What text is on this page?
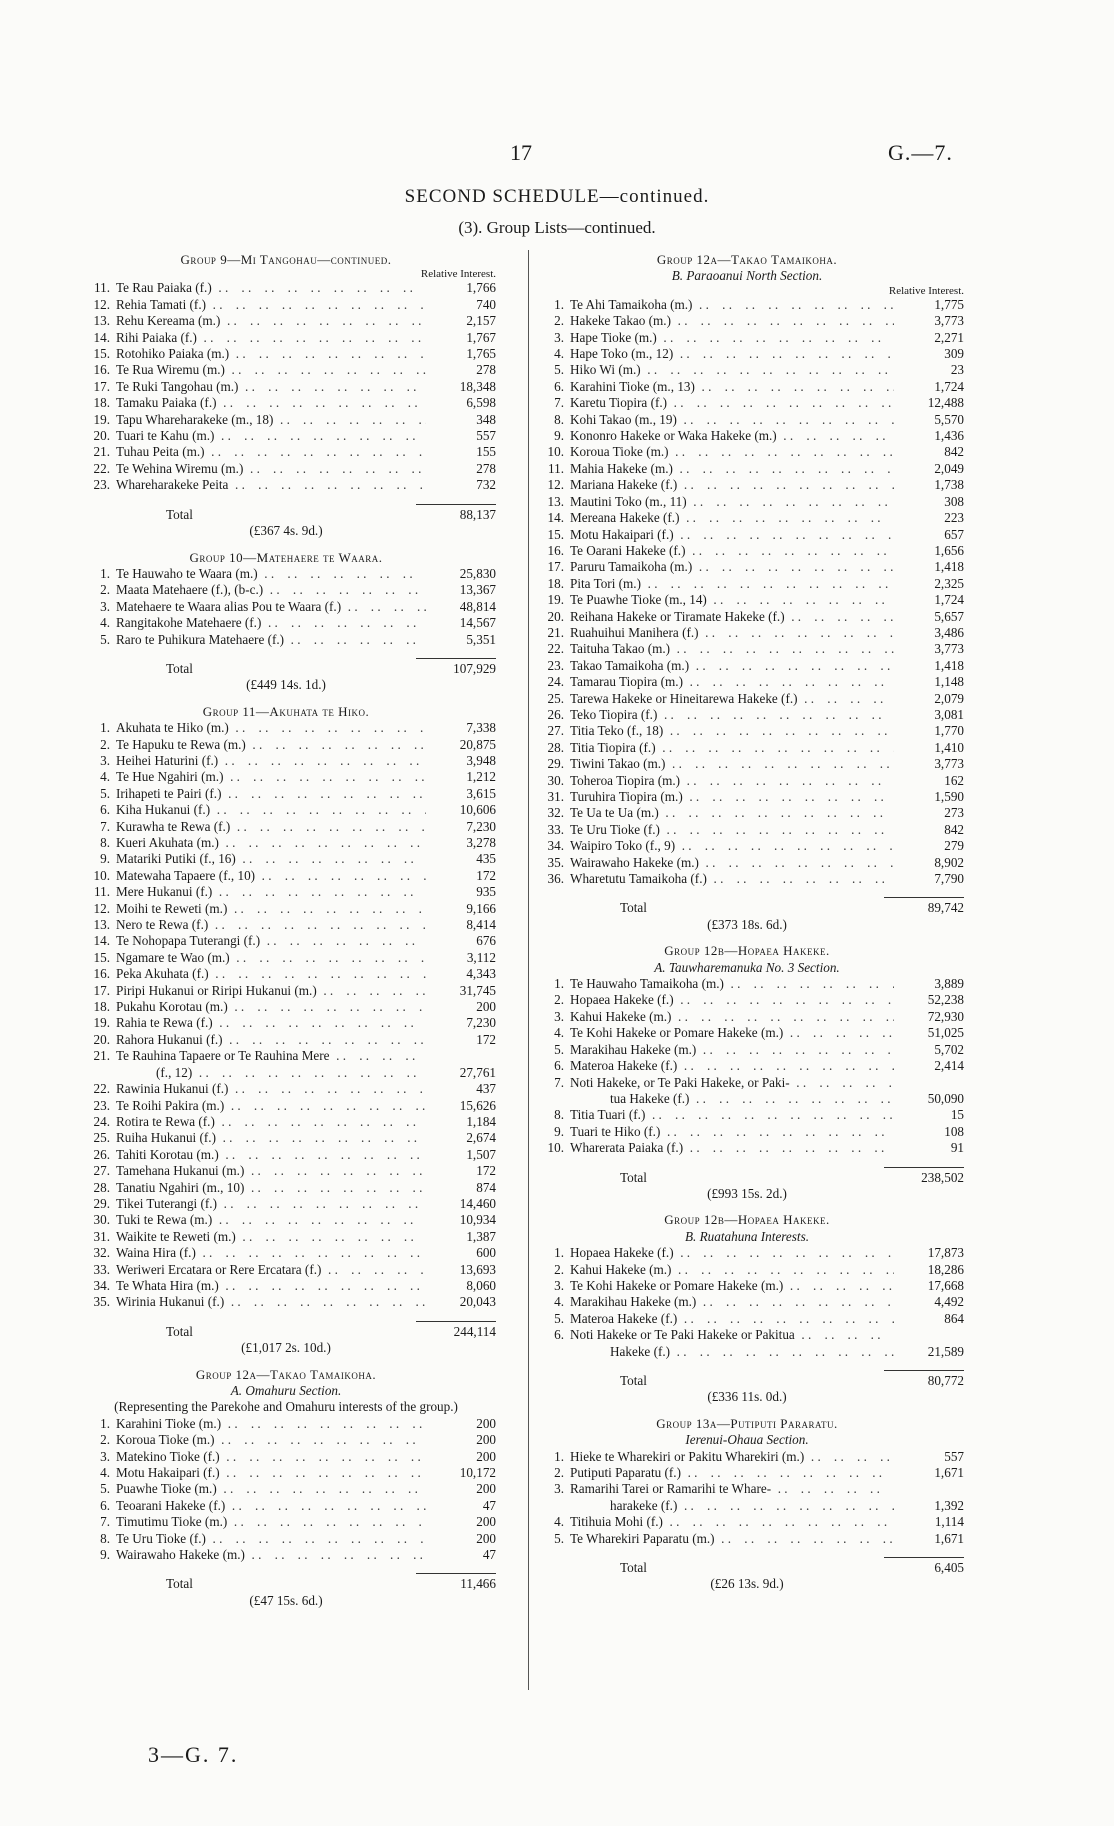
17	G.—7.
SECOND SCHEDULE—continued.
(3). Group Lists—continued.

Group 9—Mi Tangohau—continued.

Relative Interest.
11. Te Rau Paiaka (f.) . .	1,766
12. Rehia Tamati (f.) . .	740
13. Rehu Kereama (m.) . .	2,157
14. Rihi Paiaka (f.) . .	1,767
15. Rotohiko Paiaka (m.) . .	1,765
16. Te Rua Wiremu (m.) . .	278
17. Te Ruki Tangohau (m.) . .	18,348
18. Tamaku Paiaka (f.) . .	6,598
19. Tapu Whareharakeke (m., 18) . .	348
20. Tuari te Kahu (m.) . .	557
21. Tuhau Peita (m.) . .	155
22. Te Wehina Wiremu (m.) . .	278
23. Whareharakeke Peita . .	732
Total	88,137

(£367 4s. 9d.)

Group 10—Matehaere te Waara.

1. Te Hauwaho te Waara (m.) . .	25,830
2. Maata Matehaere (f.), (b-c.) . .	13,367
3. Matehaere te Waara alias Pou te Waara (f.) . .	48,814
4. Rangitakohe Matehaere (f.) . .	14,567
5. Raro te Puhikura Matehaere (f.) . .	5,351
Total	107,929

(£449 14s. 1d.)

Group 11—Akuhata te Hiko.

1. Akuhata te Hiko (m.) . .	7,338
2. Te Hapuku te Rewa (m.) . .	20,875
3. Heihei Haturini (f.) . .	3,948
4. Te Hue Ngahiri (m.) . .	1,212
5. Irihapeti te Pairi (f.) . .	3,615
6. Kiha Hukanui (f.) . .	10,606
7. Kurawha te Rewa (f.) . .	7,230
8. Kueri Akuhata (m.) . .	3,278
9. Matariki Putiki (f., 16) . .	435
10. Matewaha Tapaere (f., 10) . .	172
11. Mere Hukanui (f.) . .	935
12. Moihi te Reweti (m.) . .	9,166
13. Nero te Rewa (f.) . .	8,414
14. Te Nohopapa Tuterangi (f.) . .	676
15. Ngamare te Wao (m.) . .	3,112
16. Peka Akuhata (f.) . .	4,343
17. Piripi Hukanui or Riripi Hukanui (m.) . .	31,745
18. Pukahu Korotau (m.) . .	200
19. Rahia te Rewa (f.) . .	7,230
20. Rahora Hukanui (f.) . .	172
21. Te Rauhina Tapaere or Te Rauhina Mere . .
(f., 12) . .	27,761
22. Rawinia Hukanui (f.) . .	437
23. Te Roihi Pakira (m.) . .	15,626
24. Rotira te Rewa (f.) . .	1,184
25. Ruiha Hukanui (f.) . .	2,674
26. Tahiti Korotau (m.) . .	1,507
27. Tamehana Hukanui (m.) . .	172
28. Tanatiu Ngahiri (m., 10) . .	874
29. Tikei Tuterangi (f.) . .	14,460
30. Tuki te Rewa (m.) . .	10,934
31. Waikite te Reweti (m.) . .	1,387
32. Waina Hira (f.) . .	600
33. Weriweri Ercatara or Rere Ercatara (f.) . .	13,693
34. Te Whata Hira (m.) . .	8,060
35. Wirinia Hukanui (f.) . .	20,043
Total	244,114

(£1,017 2s. 10d.)

Group 12a—Takao Tamaikoha.

A. Omahuru Section.

(Representing the Parekohe and Omahuru interests of the group.)

1. Karahini Tioke (m.) . .	200
2. Koroua Tioke (m.) . .	200
3. Matekino Tioke (f.) . .	200
4. Motu Hakaipari (f.) . .	10,172
5. Puawhe Tioke (m.) . .	200
6. Teoarani Hakeke (f.) . .	47
7. Timutimu Tioke (m.) . .	200
8. Te Uru Tioke (f.) . .	200
9. Wairawaho Hakeke (m.) . .	47
Total	11,466

(£47 15s. 6d.)

Group 12a—Takao Tamaikoha.

B. Paraoanui North Section.

Relative Interest.
1. Te Ahi Tamaikoha (m.) . .	1,775
2. Hakeke Takao (m.) . .	3,773
3. Hape Tioke (m.) . .	2,271
4. Hape Toko (m., 12) . .	309
5. Hiko Wi (m.) . .	23
6. Karahini Tioke (m., 13) . .	1,724
7. Karetu Tiopira (f.) . .	12,488
8. Kohi Takao (m., 19) . .	5,570
9. Kononro Hakeke or Waka Hakeke (m.) . .	1,436
10. Koroua Tioke (m.) . .	842
11. Mahia Hakeke (m.) . .	2,049
12. Mariana Hakeke (f.) . .	1,738
13. Mautini Toko (m., 11) . .	308
14. Mereana Hakeke (f.) . .	223
15. Motu Hakaipari (f.) . .	657
16. Te Oarani Hakeke (f.) . .	1,656
17. Paruru Tamaikoha (m.) . .	1,418
18. Pita Tori (m.) . .	2,325
19. Te Puawhe Tioke (m., 14) . .	1,724
20. Reihana Hakeke or Tiramate Hakeke (f.) . .	5,657
21. Ruahuihui Manihera (f.) . .	3,486
22. Taituha Takao (m.) . .	3,773
23. Takao Tamaikoha (m.) . .	1,418
24. Tamarau Tiopira (m.) . .	1,148
25. Tarewa Hakeke or Hineitarewa Hakeke (f.) . .	2,079
26. Teko Tiopira (f.) . .	3,081
27. Titia Teko (f., 18) . .	1,770
28. Titia Tiopira (f.) . .	1,410
29. Tiwini Takao (m.) . .	3,773
30. Toheroa Tiopira (m.) . .	162
31. Turuhira Tiopira (m.) . .	1,590
32. Te Ua te Ua (m.) . .	273
33. Te Uru Tioke (f.) . .	842
34. Waipiro Toko (f., 9) . .	279
35. Wairawaho Hakeke (m.) . .	8,902
36. Wharetutu Tamaikoha (f.) . .	7,790
Total	89,742

(£373 18s. 6d.)

Group 12b—Hopaea Hakeke.

A. Tauwharemanuka No. 3 Section.

1. Te Hauwaho Tamaikoha (m.) . .	3,889
2. Hopaea Hakeke (f.) . .	52,238
3. Kahui Hakeke (m.) . .	72,930
4. Te Kohi Hakeke or Pomare Hakeke (m.) . .	51,025
5. Marakihau Hakeke (m.) . .	5,702
6. Materoa Hakeke (f.) . .	2,414
7. Noti Hakeke, or Te Paki Hakeke, or Paki- . .
tua Hakeke (f.) . .	50,090
8. Titia Tuari (f.) . .	15
9. Tuari te Hiko (f.) . .	108
10. Wharerata Paiaka (f.) . .	91
Total	238,502

(£993 15s. 2d.)

Group 12b—Hopaea Hakeke.

B. Ruatahuna Interests.

1. Hopaea Hakeke (f.) . .	17,873
2. Kahui Hakeke (m.) . .	18,286
3. Te Kohi Hakeke or Pomare Hakeke (m.) . .	17,668
4. Marakihau Hakeke (m.) . .	4,492
5. Materoa Hakeke (f.) . .	864
6. Noti Hakeke or Te Paki Hakeke or Pakitua . .
Hakeke (f.) . .	21,589
Total	80,772

(£336 11s. 0d.)

Group 13a—Putiputi Pararatu.

Ierenui-Ohaua Section.

1. Hieke te Wharekiri or Pakitu Wharekiri (m.) . .	557
2. Putiputi Paparatu (f.) . .	1,671
3. Ramarihi Tarei or Ramarihi te Whare- . .
harakeke (f.) . .	1,392
4. Titihuia Mohi (f.) . .	1,114
5. Te Wharekiri Paparatu (m.) . .	1,671
Total	6,405

(£26 13s. 9d.)

3—G. 7.
